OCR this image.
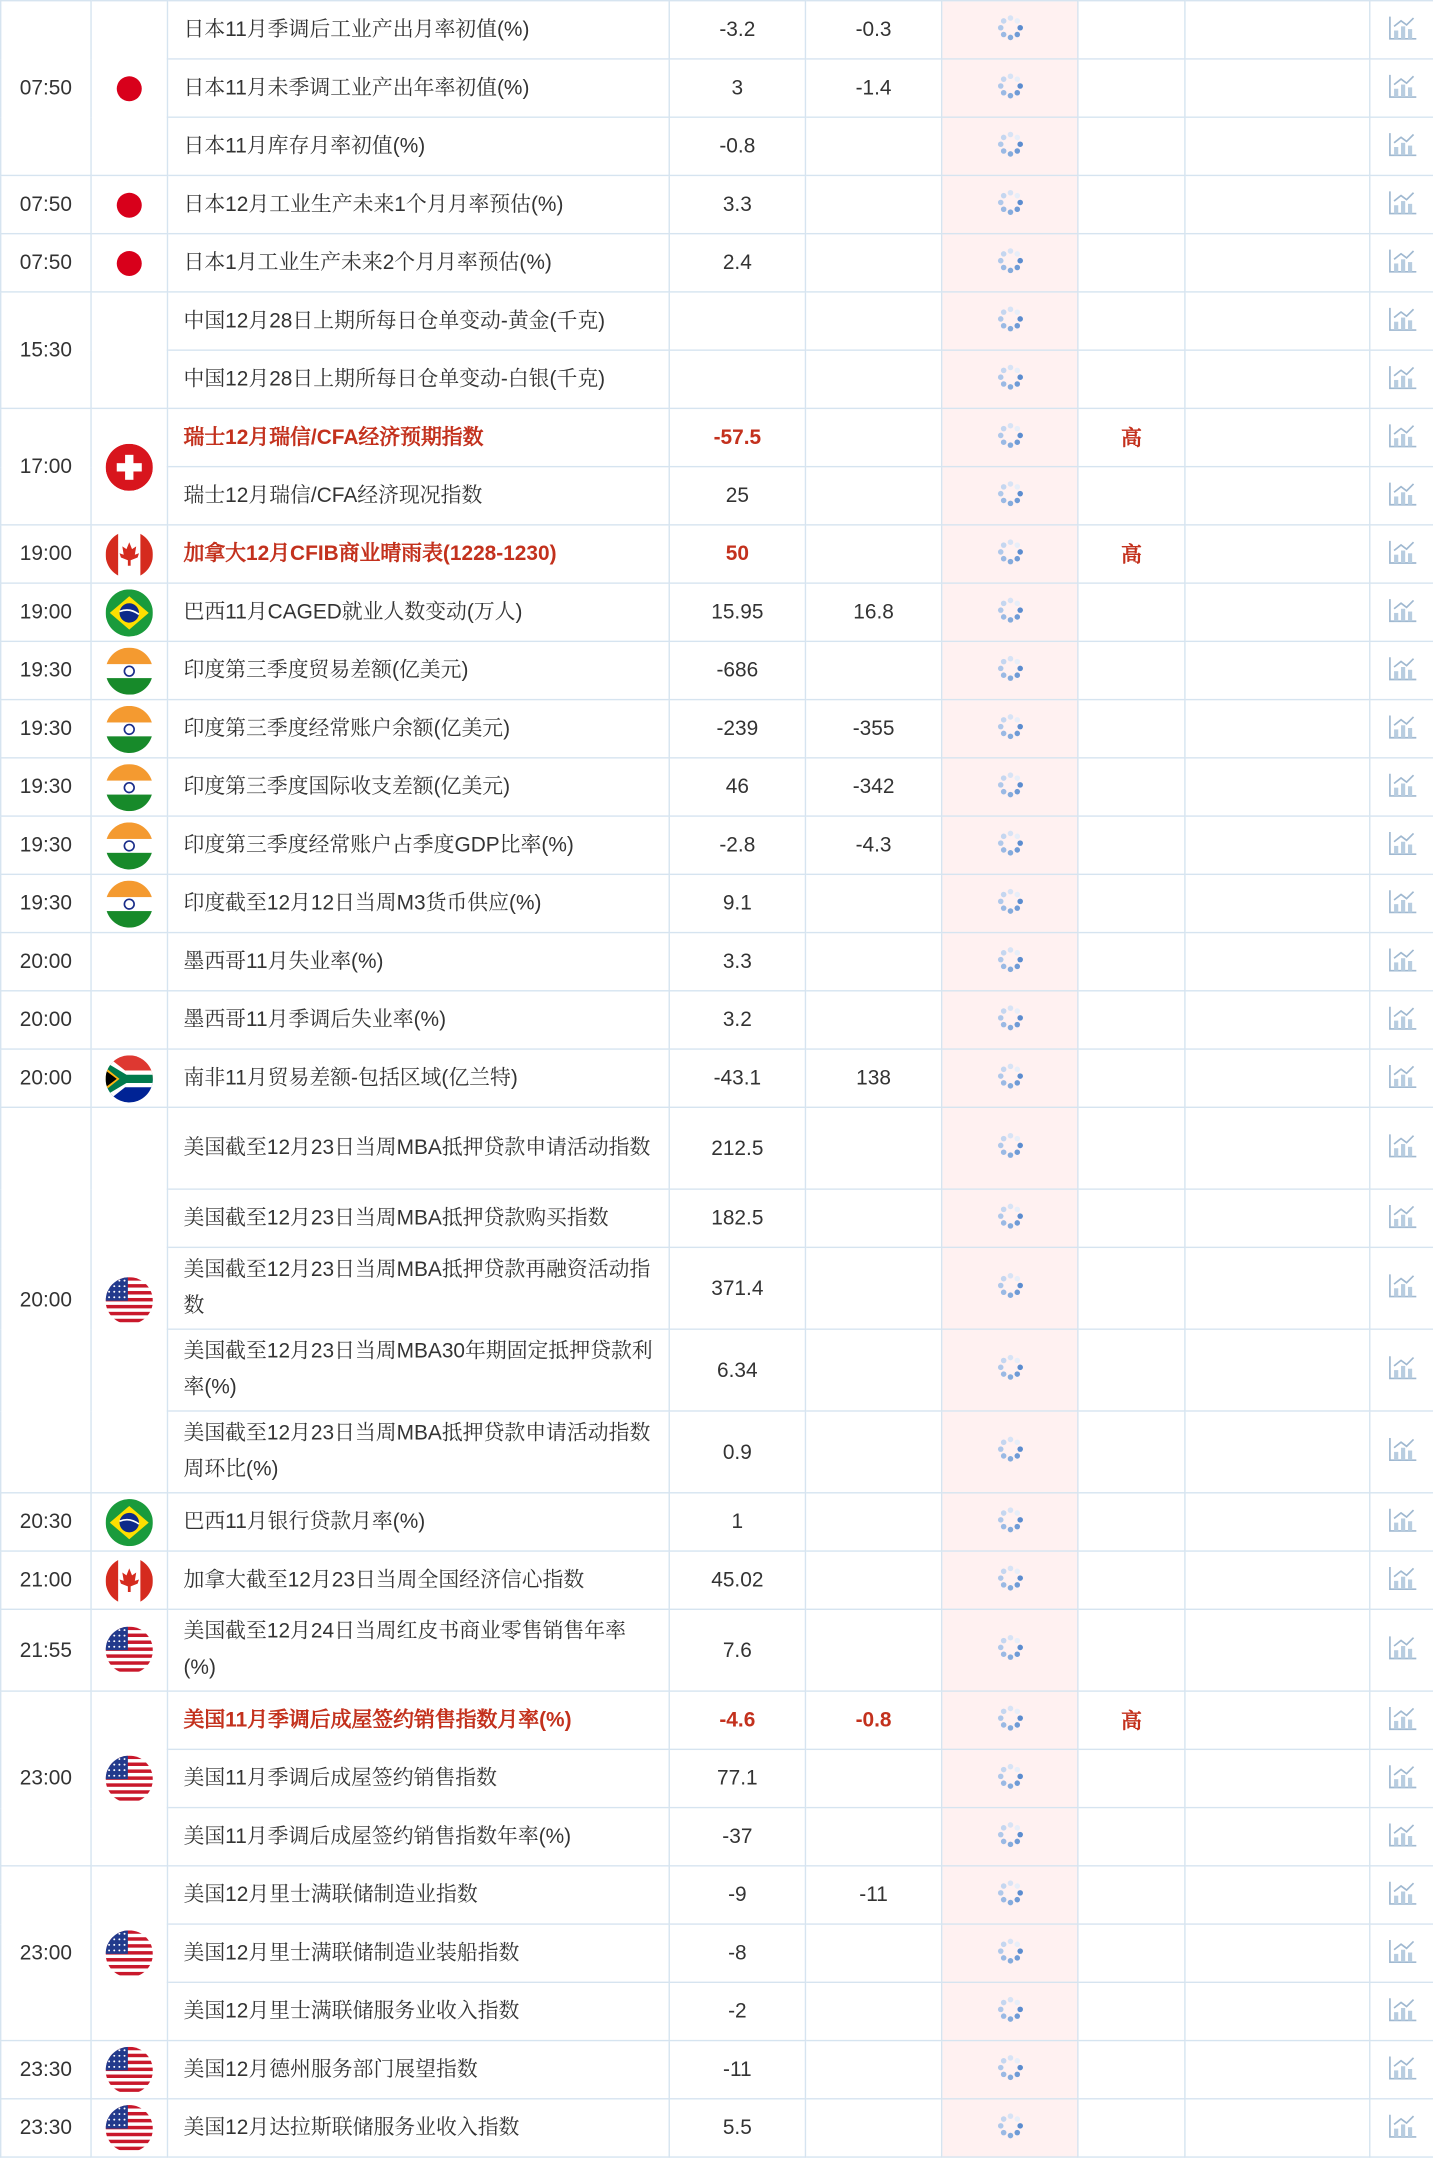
07:50		日本11月季调后工业产出月率初值(%)	-3.2	-0.3				
		日本11月未季调工业产出年率初值(%)	3	-1.4				
		日本11月库存月率初值(%)	-0.8					
07:50		日本12月工业生产未来1个月月率预估(%)	3.3					
07:50		日本1月工业生产未来2个月月率预估(%)	2.4					
15:30		中国12月28日上期所每日仓单变动-黄金(千克)						
		中国12月28日上期所每日仓单变动-白银(千克)						
17:00		瑞士12月瑞信/CFA经济预期指数	-57.5			高		
		瑞士12月瑞信/CFA经济现况指数	25					
19:00		加拿大12月CFIB商业晴雨表(1228-1230)	50			高		
19:00		巴西11月CAGED就业人数变动(万人)	15.95	16.8				
19:30		印度第三季度贸易差额(亿美元)	-686					
19:30		印度第三季度经常账户余额(亿美元)	-239	-355				
19:30		印度第三季度国际收支差额(亿美元)	46	-342				
19:30		印度第三季度经常账户占季度GDP比率(%)	-2.8	-4.3				
19:30		印度截至12月12日当周M3货币供应(%)	9.1					
20:00		墨西哥11月失业率(%)	3.3					
20:00		墨西哥11月季调后失业率(%)	3.2					
20:00		南非11月贸易差额-包括区域(亿兰特)	-43.1	138				
20:00		美国截至12月23日当周MBA抵押贷款申请活动指数	212.5					
		美国截至12月23日当周MBA抵押贷款购买指数	182.5					
		美国截至12月23日当周MBA抵押贷款再融资活动指数	371.4					
		美国截至12月23日当周MBA30年期固定抵押贷款利率(%)	6.34					
		美国截至12月23日当周MBA抵押贷款申请活动指数周环比(%)	0.9					
20:30		巴西11月银行贷款月率(%)	1					
21:00		加拿大截至12月23日当周全国经济信心指数	45.02					
21:55		美国截至12月24日当周红皮书商业零售销售年率(%)	7.6					
23:00		美国11月季调后成屋签约销售指数月率(%)	-4.6	-0.8		高		
		美国11月季调后成屋签约销售指数	77.1					
		美国11月季调后成屋签约销售指数年率(%)	-37					
23:00		美国12月里士满联储制造业指数	-9	-11				
		美国12月里士满联储制造业装船指数	-8					
		美国12月里士满联储服务业收入指数	-2					
23:30		美国12月德州服务部门展望指数	-11					
23:30		美国12月达拉斯联储服务业收入指数	5.5					
